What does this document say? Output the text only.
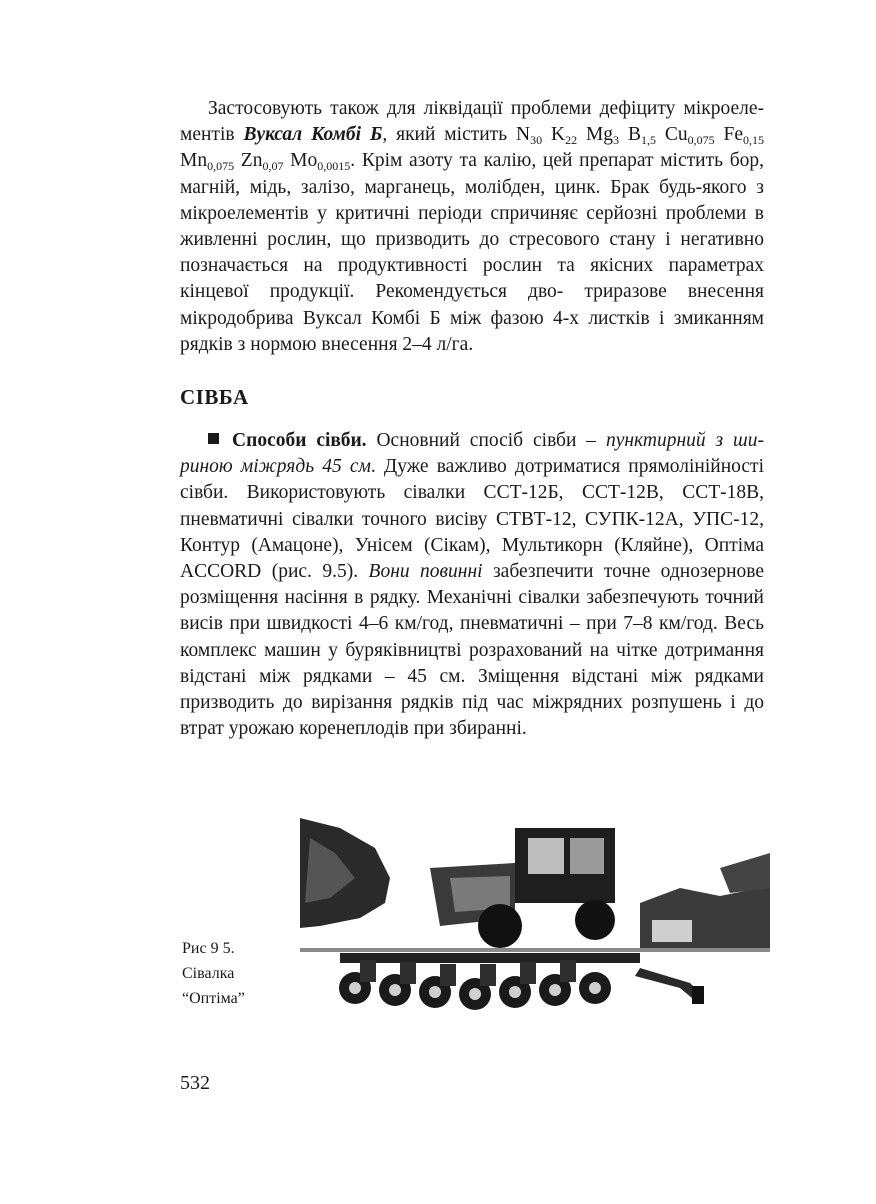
Застосовують також для ліквідації проблеми дефіциту мікроелементів Вуксал Комбі Б, який містить $N_{30}$ $K_{22}$ $Mg_3$ $B_{1,5}$ $Cu_{0,075}$ $Fe_{0,15}$ $Mn_{0,075}$ $Zn_{0,07}$ $Mo_{0,0015}$. Крім азоту та калію, цей препарат містить бор, магній, мідь, залізо, марганець, молібден, цинк. Брак будь-якого з мікроелементів у критичні періоди спричиняє серйозні проблеми в живленні рослин, що призводить до стресового стану і негативно позначається на продуктивності рослин та якісних параметрах кінцевої продукції. Рекомендується дво- триразове внесення мікродобрива Вуксал Комбі Б між фазою 4-х листків і змиканням рядків з нормою внесення 2–4 л/га.

СІВБА

Способи сівби. Основний спосіб сівби – пунктирний з шириною міжрядь 45 см. Дуже важливо дотриматися прямолінійності сівби. Використовують сівалки ССТ-12Б, ССТ-12В, ССТ-18В, пневматичні сівалки точного висіву СТВТ-12, СУПК-12А, УПС-12, Контур (Амацоне), Унісем (Сікам), Мультикорн (Кляйне), Оптіма ACCORD (рис. 9.5). Вони повинні забезпечити точне однозернове розміщення насіння в рядку. Механічні сівалки забезпечують точний висів при швидкості 4–6 км/год, пневматичні – при 7–8 км/год. Весь комплекс машин у буряківництві розрахований на чітке дотримання відстані між рядками – 45 см. Зміщення відстані між рядками призводить до вирізання рядків під час міжрядних розпушень і до втрат урожаю коренеплодів при збиранні.

Рис 9 5.
Сівалка
“Оптіма”
532
